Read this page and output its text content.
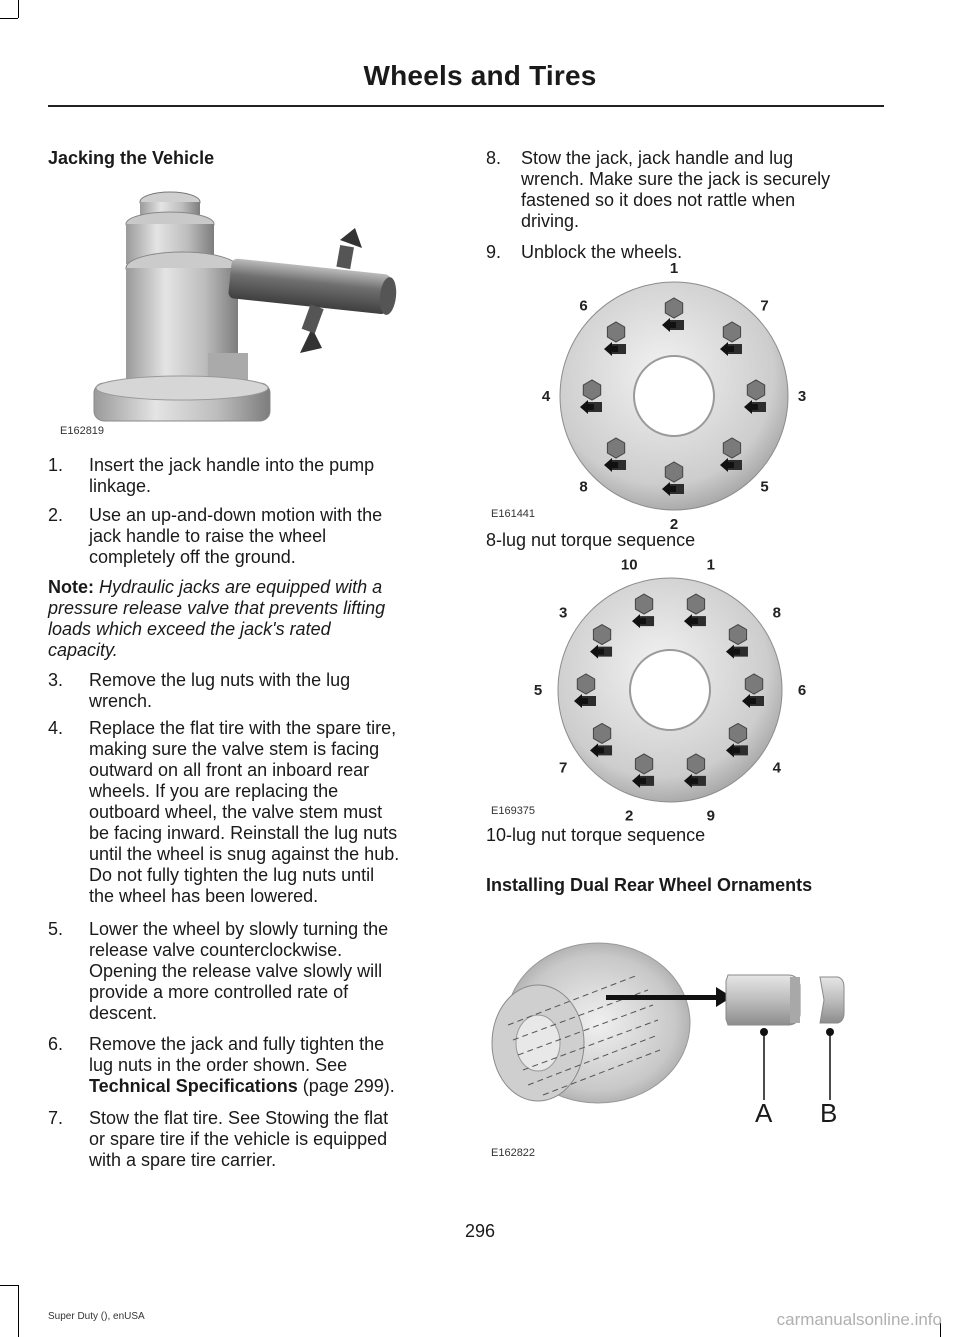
Wheels and Tires
Jacking the Vehicle
E162819
1. Insert the jack handle into the pump
linkage.
2. Use an up-and-down motion with the
jack handle to raise the wheel
completely off the ground.
Note: Hydraulic jacks are equipped with a
pressure release valve that prevents lifting
loads which exceed the jack's rated
capacity.
3. Remove the lug nuts with the lug
wrench.
4. Replace the flat tire with the spare tire,
making sure the valve stem is facing
outward on all front an inboard rear
wheels. If you are replacing the
outboard wheel, the valve stem must
be facing inward. Reinstall the lug nuts
until the wheel is snug against the hub.
Do not fully tighten the lug nuts until
the wheel has been lowered.
5. Lower the wheel by slowly turning the
release valve counterclockwise.
Opening the release valve slowly will
provide a more controlled rate of
descent.
6. Remove the jack and fully tighten the
lug nuts in the order shown. See
Technical Specifications (page 299).
7. Stow the flat tire. See Stowing the flat
or spare tire if the vehicle is equipped
with a spare tire carrier.
8. Stow the jack, jack handle and lug
wrench. Make sure the jack is securely
fastened so it does not rattle when
driving.
9. Unblock the wheels.
1
7
3
5
2
8
4
6
E161441
8-lug nut torque sequence
1
8
6
4
9
2
7
5
3
10
E169375
10-lug nut torque sequence
Installing Dual Rear Wheel Ornaments
A B
E162822
296
Super Duty (), enUSA	carmanualsonline.info
